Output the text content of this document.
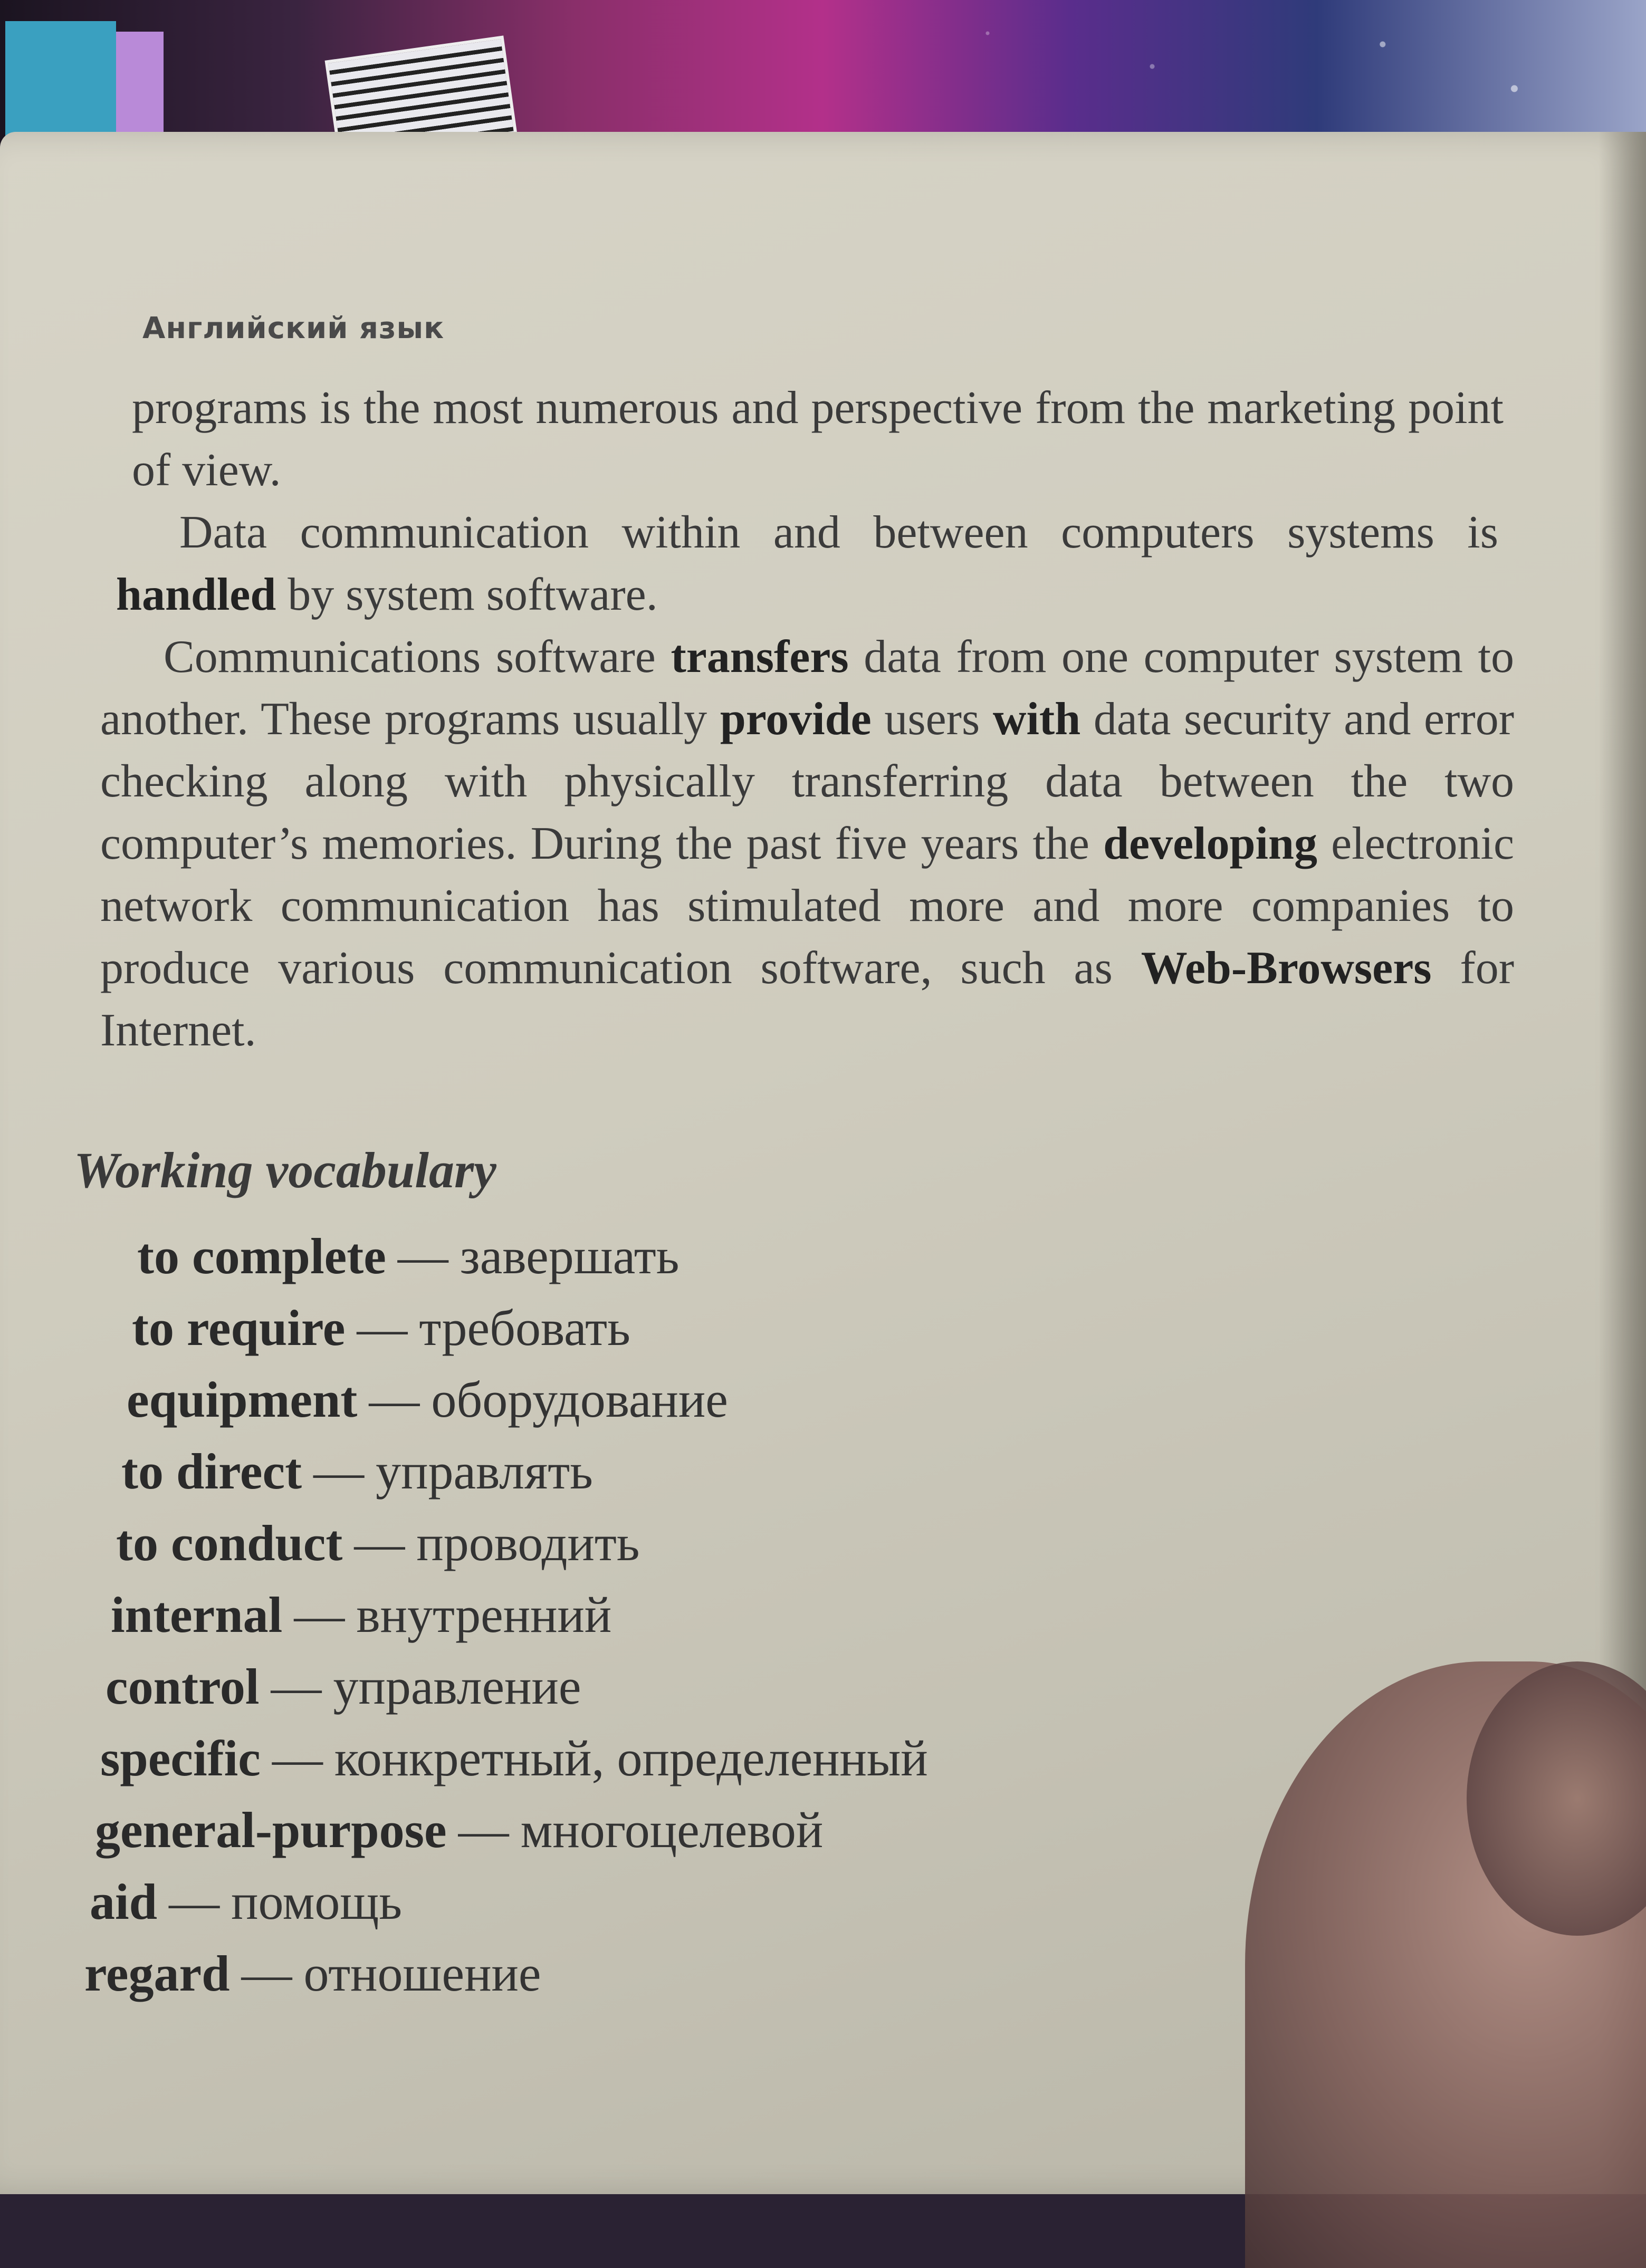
Английский язык

programs is the most numerous and perspective from the marketing point of view.

Data communication within and between computers systems is handled by system software.

Communications software transfers data from one computer system to another. These programs usually provide users with data security and error checking along with physically transferring data between the two computer’s memories. During the past five years the developing electronic network communication has stimulated more and more companies to produce various communication software, such as Web-Browsers for Internet.

Working vocabulary
to complete — завершать
to require — требовать
equipment — оборудование
to direct — управлять
to conduct — проводить
internal — внутренний
control — управление
specific — конкретный, определенный
general-purpose — многоцелевой
aid — помощь
regard — отношение
